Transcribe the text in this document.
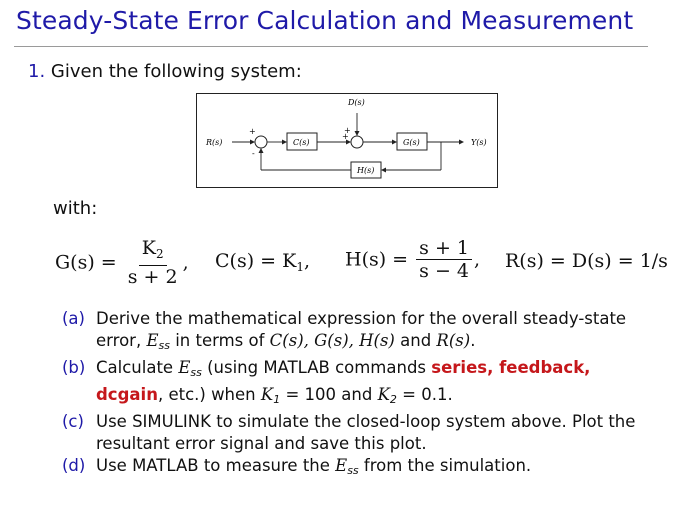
Steady-State Error Calculation and Measurement
1. Given the following system:
R(s)
+
-
C(s)
+
+
D(s)
G(s)	Y(s)
H(s)
with:
$G(s) = \frac{K_2}{s + 2}$ , $C(s) = K_1$, $H(s) = \frac{s + 1}{s - 4}$ , R(s) = D(s) = 1/s
(a) Derive the mathematical expression for the overall steady-state
error, Ess in terms of C(s), G(s), H(s) and R(s).
(b) Calculate Ess (using MATLAB commands series, feedback,
dcgain, etc.) when K1 = 100 and K2 = 0.1.
(c) Use SIMULINK to simulate the closed-loop system above. Plot the
resultant error signal and save this plot.
(d) Use MATLAB to measure the Ess from the simulation.
